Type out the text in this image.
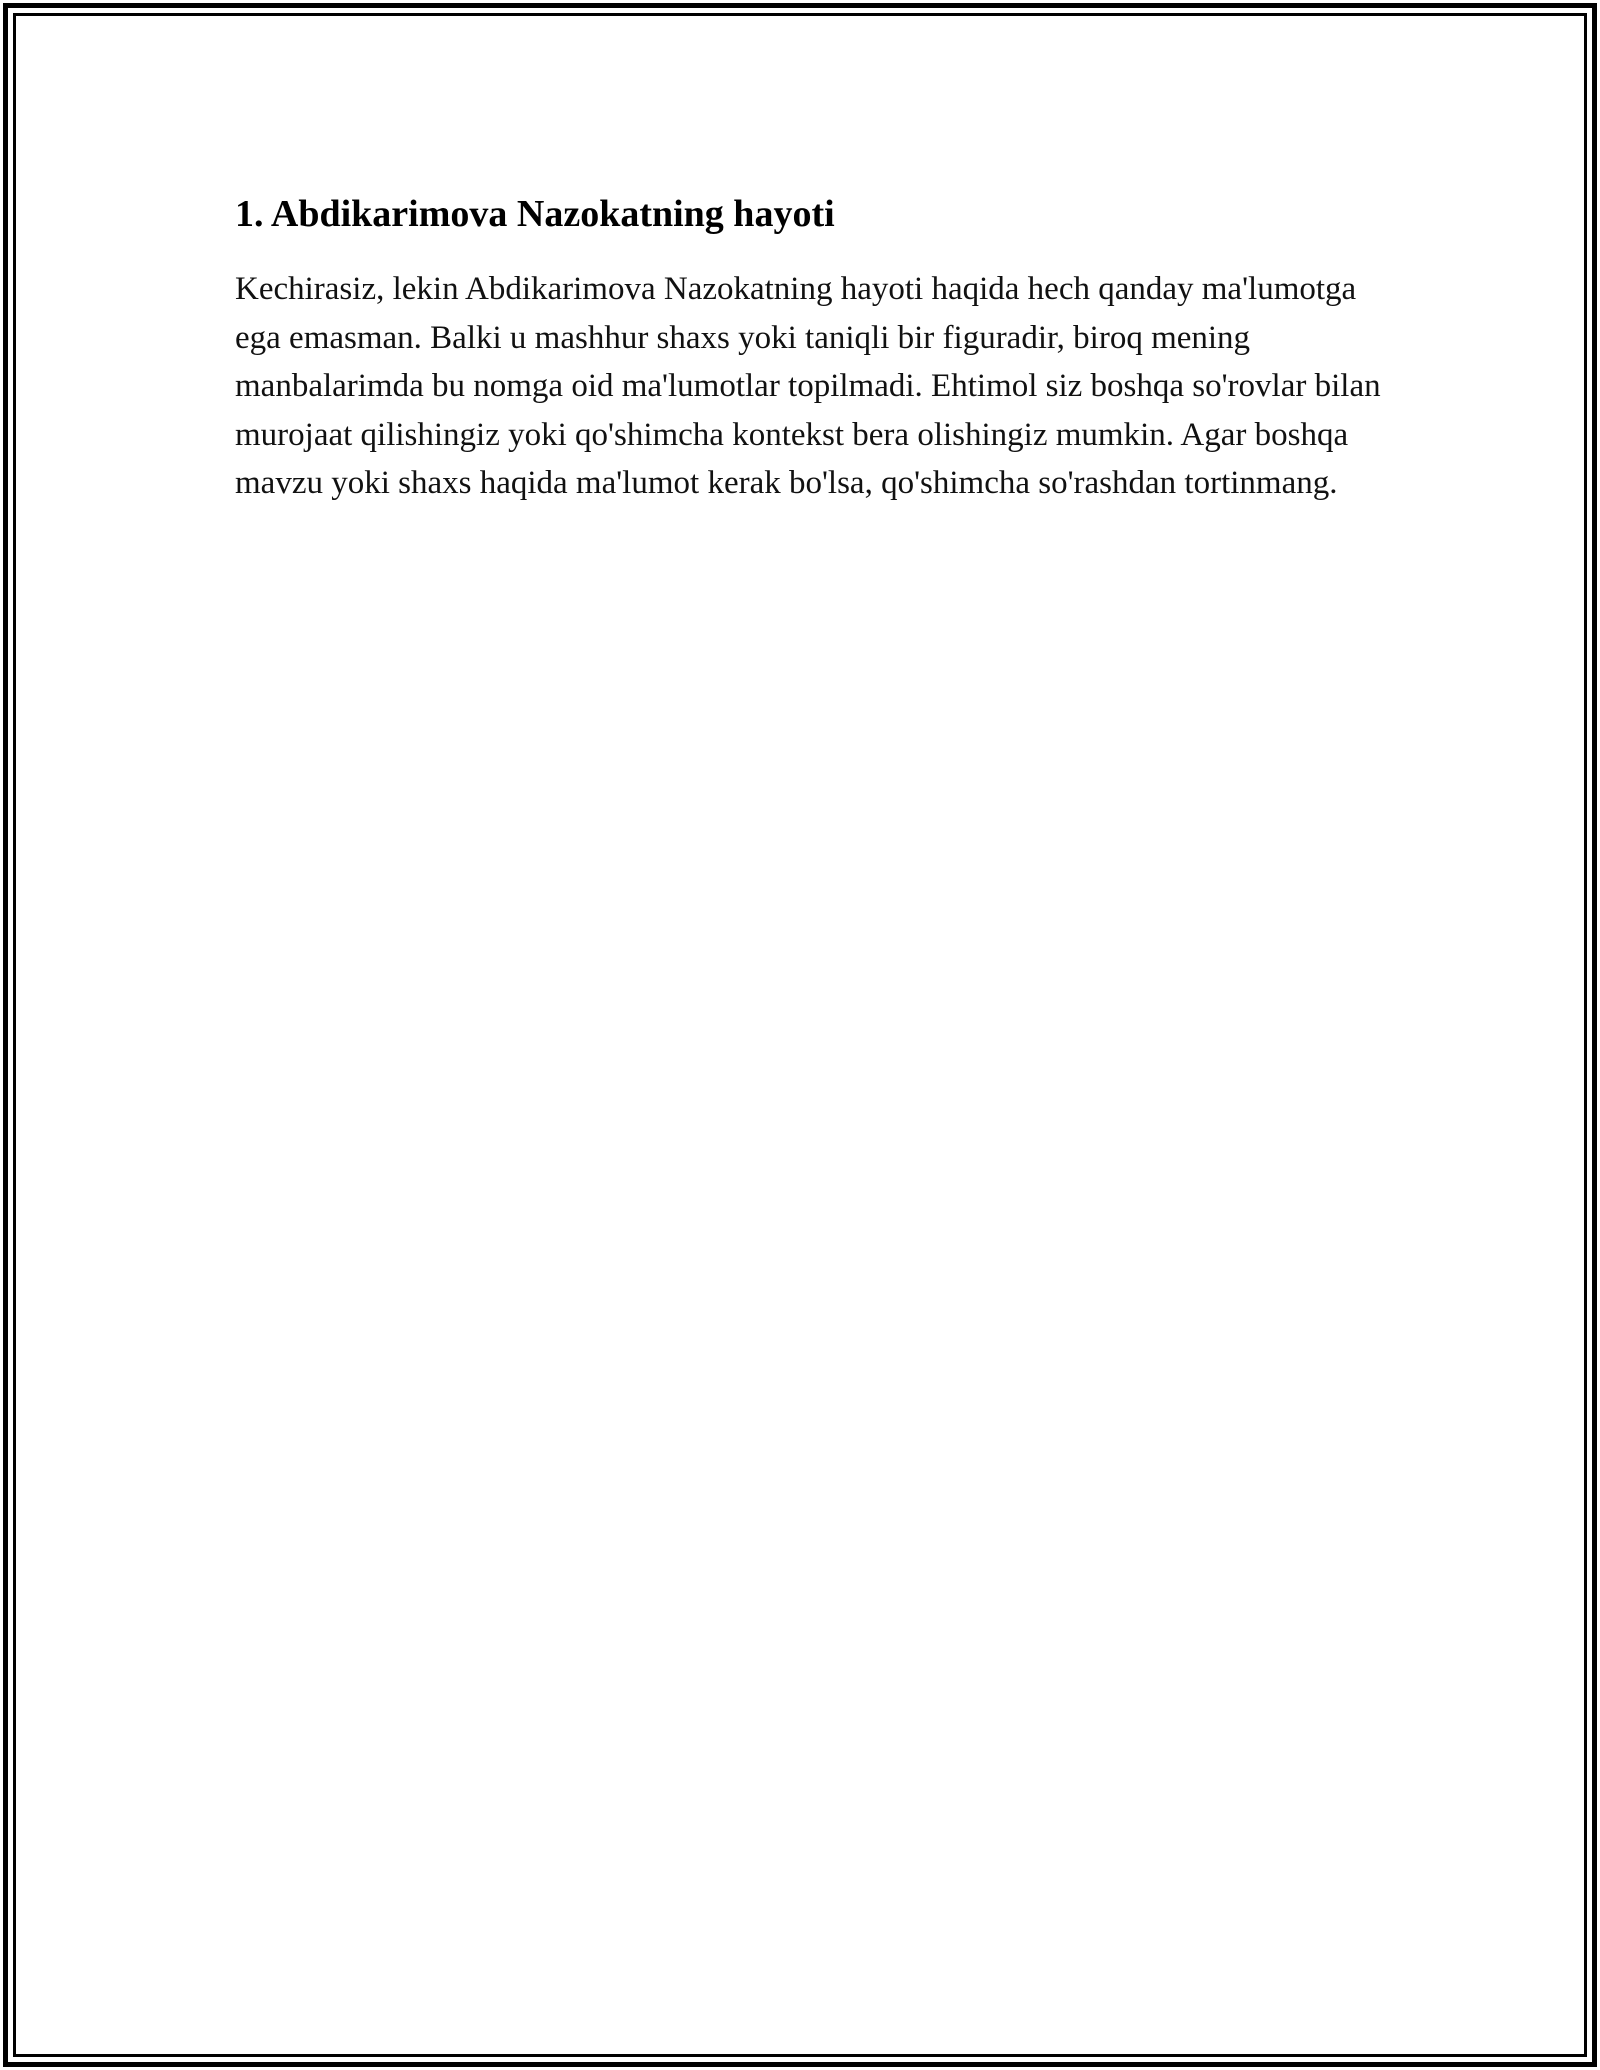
1. Abdikarimova Nazokatning hayoti

Kechirasiz, lekin Abdikarimova Nazokatning hayoti haqida hech qanday ma'lumotga ega emasman. Balki u mashhur shaxs yoki taniqli bir figuradir, biroq mening manbalarimda bu nomga oid ma'lumotlar topilmadi. Ehtimol siz boshqa so'rovlar bilan murojaat qilishingiz yoki qo'shimcha kontekst bera olishingiz mumkin. Agar boshqa mavzu yoki shaxs haqida ma'lumot kerak bo'lsa, qo'shimcha so'rashdan tortinmang.
